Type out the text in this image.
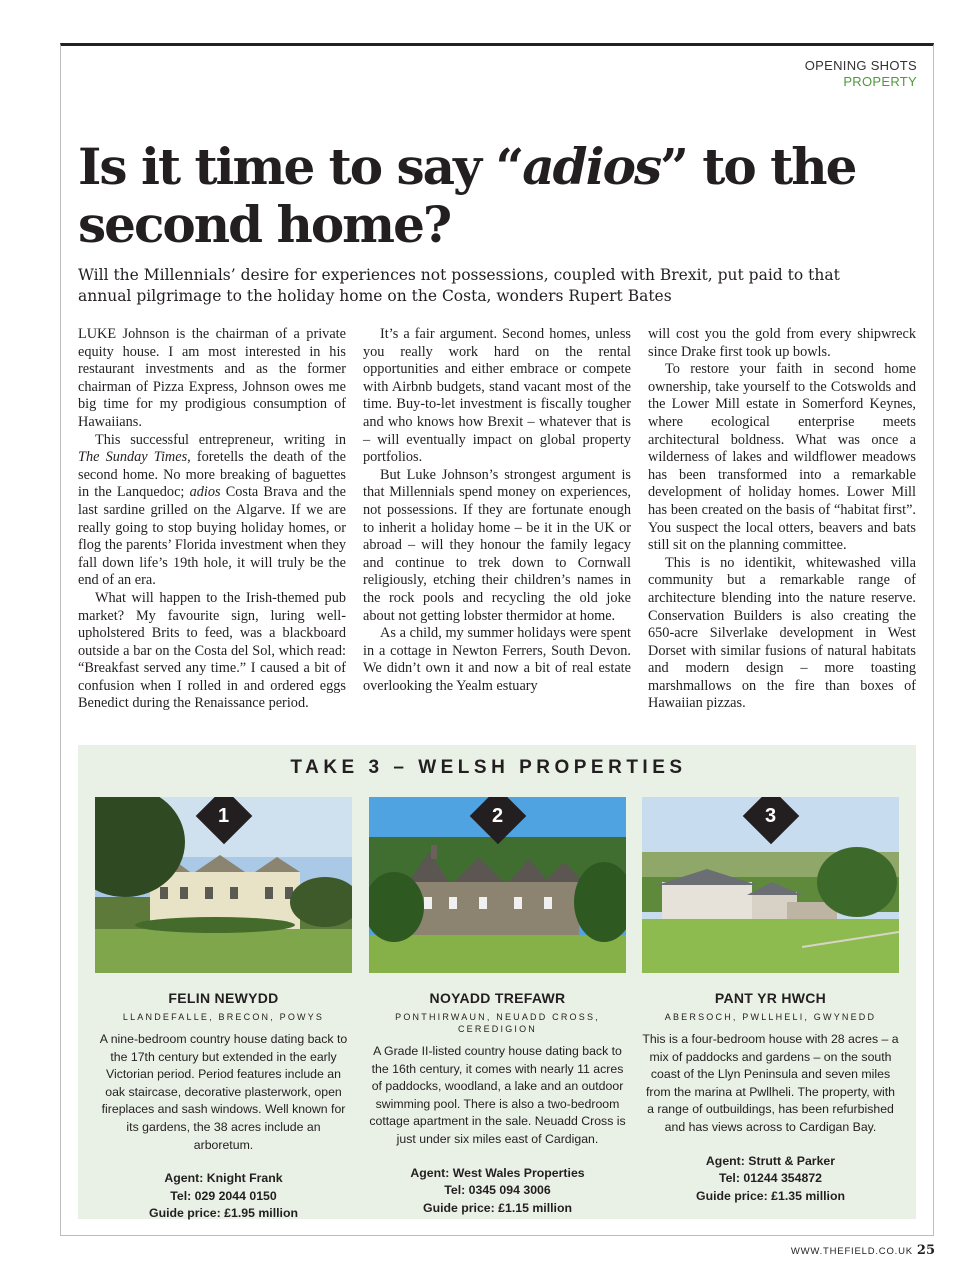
OPENING SHOTS
PROPERTY
Is it time to say “adios” to the second home?

Will the Millennials’ desire for experiences not possessions, coupled with Brexit, put paid to that annual pilgrimage to the holiday home on the Costa, wonders Rupert Bates

LUKE Johnson is the chairman of a private equity house. I am most interested in his restaurant investments and as the former chairman of Pizza Express, Johnson owes me big time for my prodigious consumption of Hawaiians.

This successful entrepreneur, writing in The Sunday Times, foretells the death of the second home. No more breaking of baguettes in the Lanquedoc; adios Costa Brava and the last sardine grilled on the Algarve. If we are really going to stop buying holiday homes, or flog the parents’ Florida investment when they fall down life’s 19th hole, it will truly be the end of an era.

What will happen to the Irish-themed pub market? My favourite sign, luring well-upholstered Brits to feed, was a blackboard outside a bar on the Costa del Sol, which read: “Breakfast served any time.” I caused a bit of confusion when I rolled in and ordered eggs Benedict during the Renaissance period.

It’s a fair argument. Second homes, unless you really work hard on the rental opportunities and either embrace or compete with Airbnb budgets, stand vacant most of the time. Buy-to-let investment is fiscally tougher and who knows how Brexit – whatever that is – will eventually impact on global property portfolios.

But Luke Johnson’s strongest argument is that Millennials spend money on experiences, not possessions. If they are fortunate enough to inherit a holiday home – be it in the UK or abroad – will they honour the family legacy and continue to trek down to Cornwall religiously, etching their children’s names in the rock pools and recycling the old joke about not getting lobster thermidor at home.

As a child, my summer holidays were spent in a cottage in Newton Ferrers, South Devon. We didn’t own it and now a bit of real estate overlooking the Yealm estuary

will cost you the gold from every shipwreck since Drake first took up bowls.

To restore your faith in second home ownership, take yourself to the Cotswolds and the Lower Mill estate in Somerford Keynes, where ecological enterprise meets architectural boldness. What was once a wilderness of lakes and wildflower meadows has been transformed into a remarkable development of holiday homes. Lower Mill has been created on the basis of “habitat first”. You suspect the local otters, beavers and bats still sit on the planning committee.

This is no identikit, whitewashed villa community but a remarkable range of architecture blending into the nature reserve. Conservation Builders is also creating the 650-acre Silverlake development in West Dorset with similar fusions of natural habitats and modern design – more toasting marshmallows on the fire than boxes of Hawaiian pizzas.

TAKE 3 – WELSH PROPERTIES
1
FELIN NEWYDD
LLANDEFALLE, BRECON, POWYS
A nine-bedroom country house dating back to the 17th century but extended in the early Victorian period. Period features include an oak staircase, decorative plasterwork, open fireplaces and sash windows. Well known for its gardens, the 38 acres include an arboretum.
Agent: Knight Frank
Tel: 029 2044 0150
Guide price: £1.95 million
2
NOYADD TREFAWR
PONTHIRWAUN, NEUADD CROSS, CEREDIGION
A Grade II-listed country house dating back to the 16th century, it comes with nearly 11 acres of paddocks, woodland, a lake and an outdoor swimming pool. There is also a two-bedroom cottage apartment in the sale. Neuadd Cross is just under six miles east of Cardigan.
Agent: West Wales Properties
Tel: 0345 094 3006
Guide price: £1.15 million
3
PANT YR HWCH
ABERSOCH, PWLLHELI, GWYNEDD
This is a four-bedroom house with 28 acres – a mix of paddocks and gardens – on the south coast of the Llyn Peninsula and seven miles from the marina at Pwllheli. The property, with a range of outbuildings, has been refurbished and has views across to Cardigan Bay.
Agent: Strutt & Parker
Tel: 01244 354872
Guide price: £1.35 million
WWW.THEFIELD.CO.UK 25
